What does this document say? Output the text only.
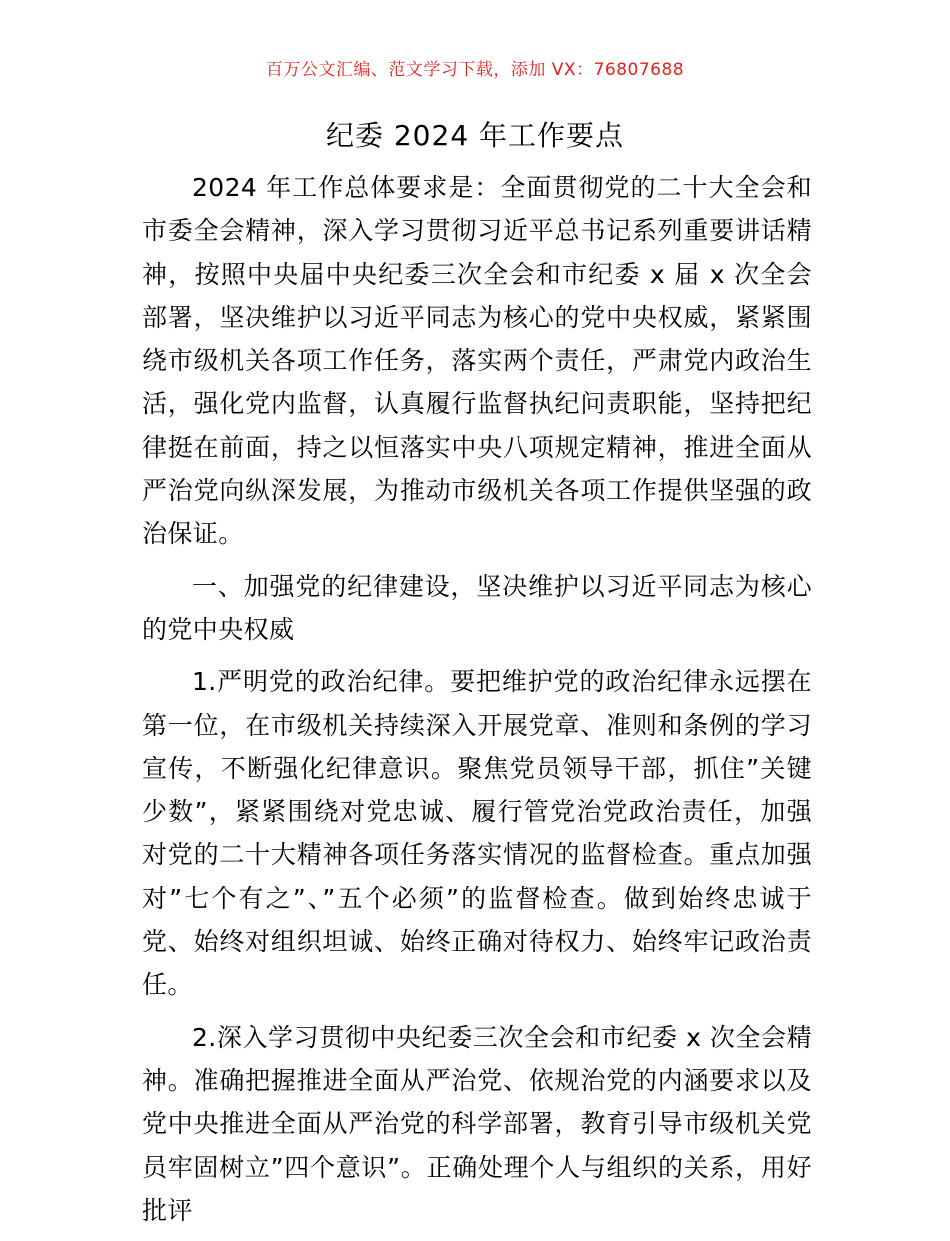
百万公文汇编、范文学习下载，添加 VX：76807688
纪委 2024 年工作要点

2024 年工作总体要求是：全面贯彻党的二十大全会和市委全会精神，深入学习贯彻习近平总书记系列重要讲话精神，按照中央届中央纪委三次全会和市纪委 x 届 x 次全会部署，坚决维护以习近平同志为核心的党中央权威，紧紧围绕市级机关各项工作任务，落实两个责任，严肃党内政治生活，强化党内监督，认真履行监督执纪问责职能，坚持把纪律挺在前面，持之以恒落实中央八项规定精神，推进全面从严治党向纵深发展，为推动市级机关各项工作提供坚强的政治保证。

一、加强党的纪律建设，坚决维护以习近平同志为核心的党中央权威

1.严明党的政治纪律。要把维护党的政治纪律永远摆在第一位，在市级机关持续深入开展党章、准则和条例的学习宣传，不断强化纪律意识。聚焦党员领导干部，抓住”关键少数”，紧紧围绕对党忠诚、履行管党治党政治责任，加强对党的二十大精神各项任务落实情况的监督检查。重点加强对”七个有之”、”五个必须”的监督检查。做到始终忠诚于党、始终对组织坦诚、始终正确对待权力、始终牢记政治责任。

2.深入学习贯彻中央纪委三次全会和市纪委 x 次全会精神。准确把握推进全面从严治党、依规治党的内涵要求以及党中央推进全面从严治党的科学部署，教育引导市级机关党员牢固树立”四个意识”。正确处理个人与组织的关系，用好批评
